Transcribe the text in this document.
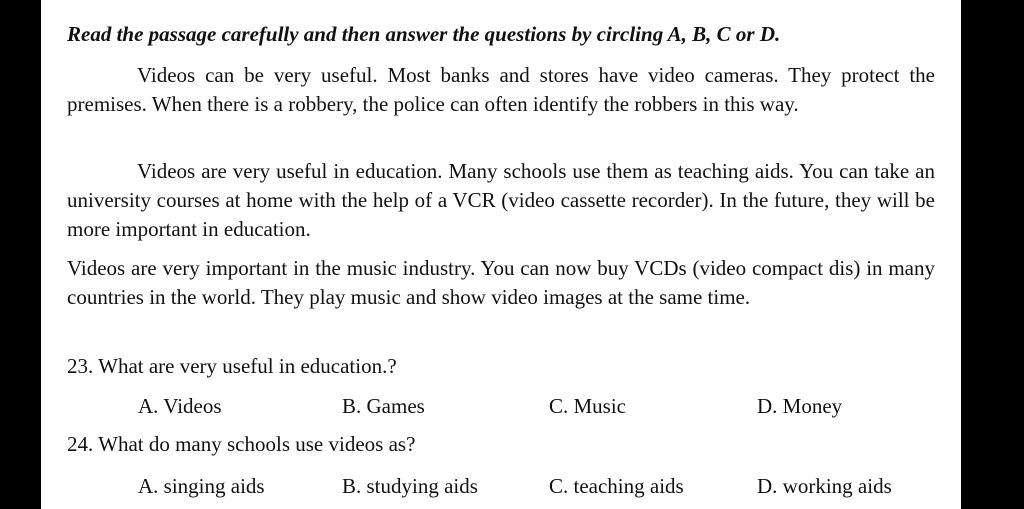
Read the passage carefully and then answer the questions by circling A, B, C or D.
Videos can be very useful. Most banks and stores have video cameras. They protect the premises. When there is a robbery, the police can often identify the robbers in this way.
Videos are very useful in education. Many schools use them as teaching aids. You can take an university courses at home with the help of a VCR (video cassette recorder). In the future, they will be more important in education.
Videos are very important in the music industry. You can now buy VCDs (video compact dis) in many countries in the world. They play music and show video images at the same time.
23. What are very useful in education.?
A. Videos	B. Games	C. Music	D. Money
24. What do many schools use videos as?
A. singing aids	B. studying aids	C. teaching aids	D. working aids
